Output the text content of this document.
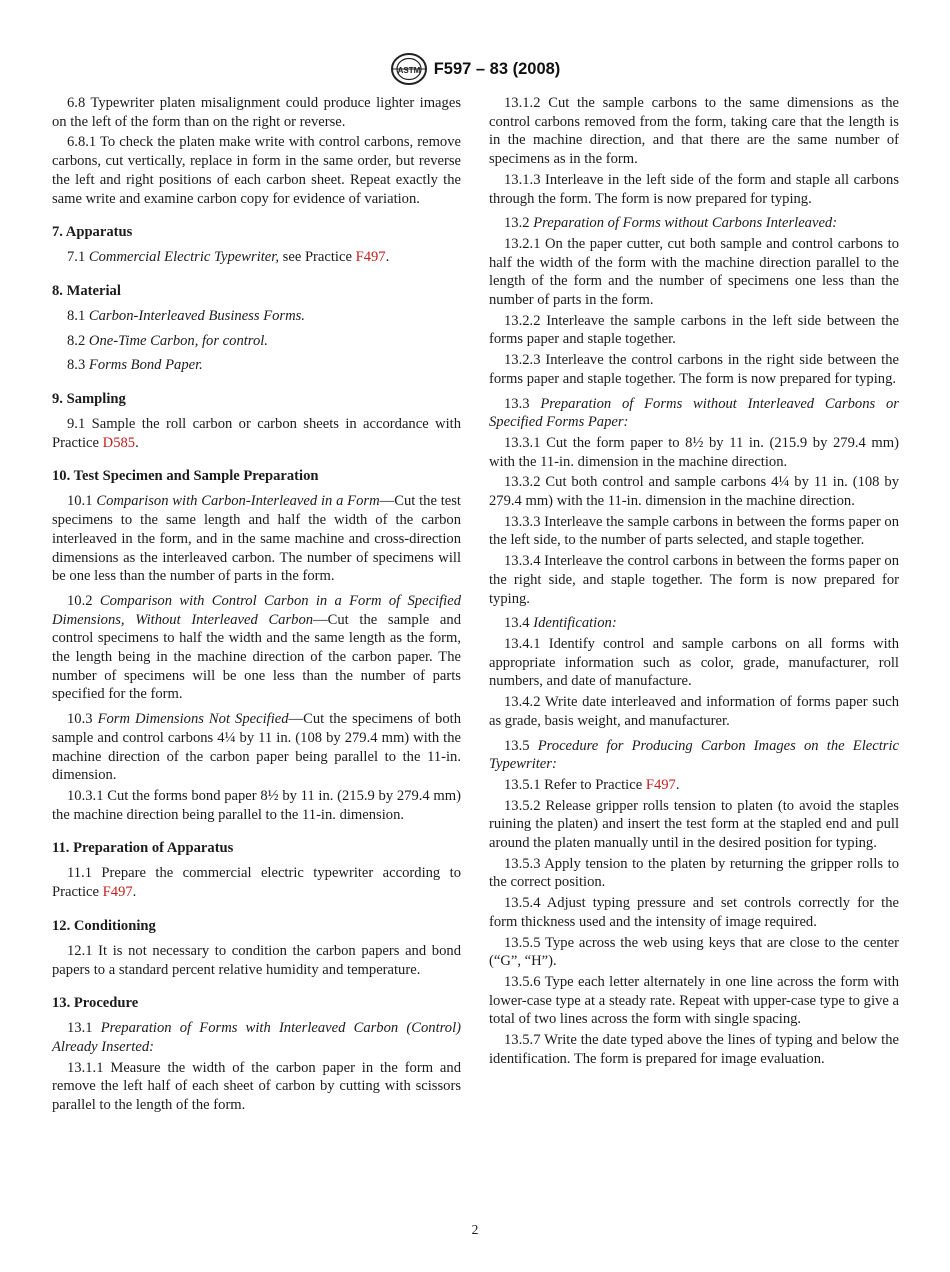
ASTM F597 – 83 (2008)

6.8 Typewriter platen misalignment could produce lighter images on the left of the form than on the right or reverse.

6.8.1 To check the platen make write with control carbons, remove carbons, cut vertically, replace in form in the same order, but reverse the left and right positions of each carbon sheet. Repeat exactly the same write and examine carbon copy for evidence of variation.

7. Apparatus

7.1 Commercial Electric Typewriter, see Practice F497.

8. Material

8.1 Carbon-Interleaved Business Forms.

8.2 One-Time Carbon, for control.

8.3 Forms Bond Paper.

9. Sampling

9.1 Sample the roll carbon or carbon sheets in accordance with Practice D585.

10. Test Specimen and Sample Preparation

10.1 Comparison with Carbon-Interleaved in a Form—Cut the test specimens to the same length and half the width of the carbon interleaved in the form, and in the same machine and cross-direction dimensions as the interleaved carbon. The number of specimens will be one less than the number of parts in the form.

10.2 Comparison with Control Carbon in a Form of Specified Dimensions, Without Interleaved Carbon—Cut the sample and control specimens to half the width and the same length as the form, the length being in the machine direction of the carbon paper. The number of specimens will be one less than the number of parts specified for the form.

10.3 Form Dimensions Not Specified—Cut the specimens of both sample and control carbons 4¼ by 11 in. (108 by 279.4 mm) with the machine direction of the carbon paper being parallel to the 11-in. dimension.

10.3.1 Cut the forms bond paper 8½ by 11 in. (215.9 by 279.4 mm) the machine direction being parallel to the 11-in. dimension.

11. Preparation of Apparatus

11.1 Prepare the commercial electric typewriter according to Practice F497.

12. Conditioning

12.1 It is not necessary to condition the carbon papers and bond papers to a standard percent relative humidity and temperature.

13. Procedure

13.1 Preparation of Forms with Interleaved Carbon (Control) Already Inserted:

13.1.1 Measure the width of the carbon paper in the form and remove the left half of each sheet of carbon by cutting with scissors parallel to the length of the form.

13.1.2 Cut the sample carbons to the same dimensions as the control carbons removed from the form, taking care that the length is in the machine direction, and that there are the same number of specimens as in the form.

13.1.3 Interleave in the left side of the form and staple all carbons through the form. The form is now prepared for typing.

13.2 Preparation of Forms without Carbons Interleaved:

13.2.1 On the paper cutter, cut both sample and control carbons to half the width of the form with the machine direction parallel to the length of the form and the number of specimens one less than the number of parts in the form.

13.2.2 Interleave the sample carbons in the left side between the forms paper and staple together.

13.2.3 Interleave the control carbons in the right side between the forms paper and staple together. The form is now prepared for typing.

13.3 Preparation of Forms without Interleaved Carbons or Specified Forms Paper:

13.3.1 Cut the form paper to 8½ by 11 in. (215.9 by 279.4 mm) with the 11-in. dimension in the machine direction.

13.3.2 Cut both control and sample carbons 4¼ by 11 in. (108 by 279.4 mm) with the 11-in. dimension in the machine direction.

13.3.3 Interleave the sample carbons in between the forms paper on the left side, to the number of parts selected, and staple together.

13.3.4 Interleave the control carbons in between the forms paper on the right side, and staple together. The form is now prepared for typing.

13.4 Identification:

13.4.1 Identify control and sample carbons on all forms with appropriate information such as color, grade, manufacturer, roll numbers, and date of manufacture.

13.4.2 Write date interleaved and information of forms paper such as grade, basis weight, and manufacturer.

13.5 Procedure for Producing Carbon Images on the Electric Typewriter:

13.5.1 Refer to Practice F497.

13.5.2 Release gripper rolls tension to platen (to avoid the staples ruining the platen) and insert the test form at the stapled end and pull around the platen manually until in the desired position for typing.

13.5.3 Apply tension to the platen by returning the gripper rolls to the correct position.

13.5.4 Adjust typing pressure and set controls correctly for the form thickness used and the intensity of image required.

13.5.5 Type across the web using keys that are close to the center (“G”, “H”).

13.5.6 Type each letter alternately in one line across the form with lower-case type at a steady rate. Repeat with upper-case type to give a total of two lines across the form with single spacing.

13.5.7 Write the date typed above the lines of typing and below the identification. The form is prepared for image evaluation.

2
